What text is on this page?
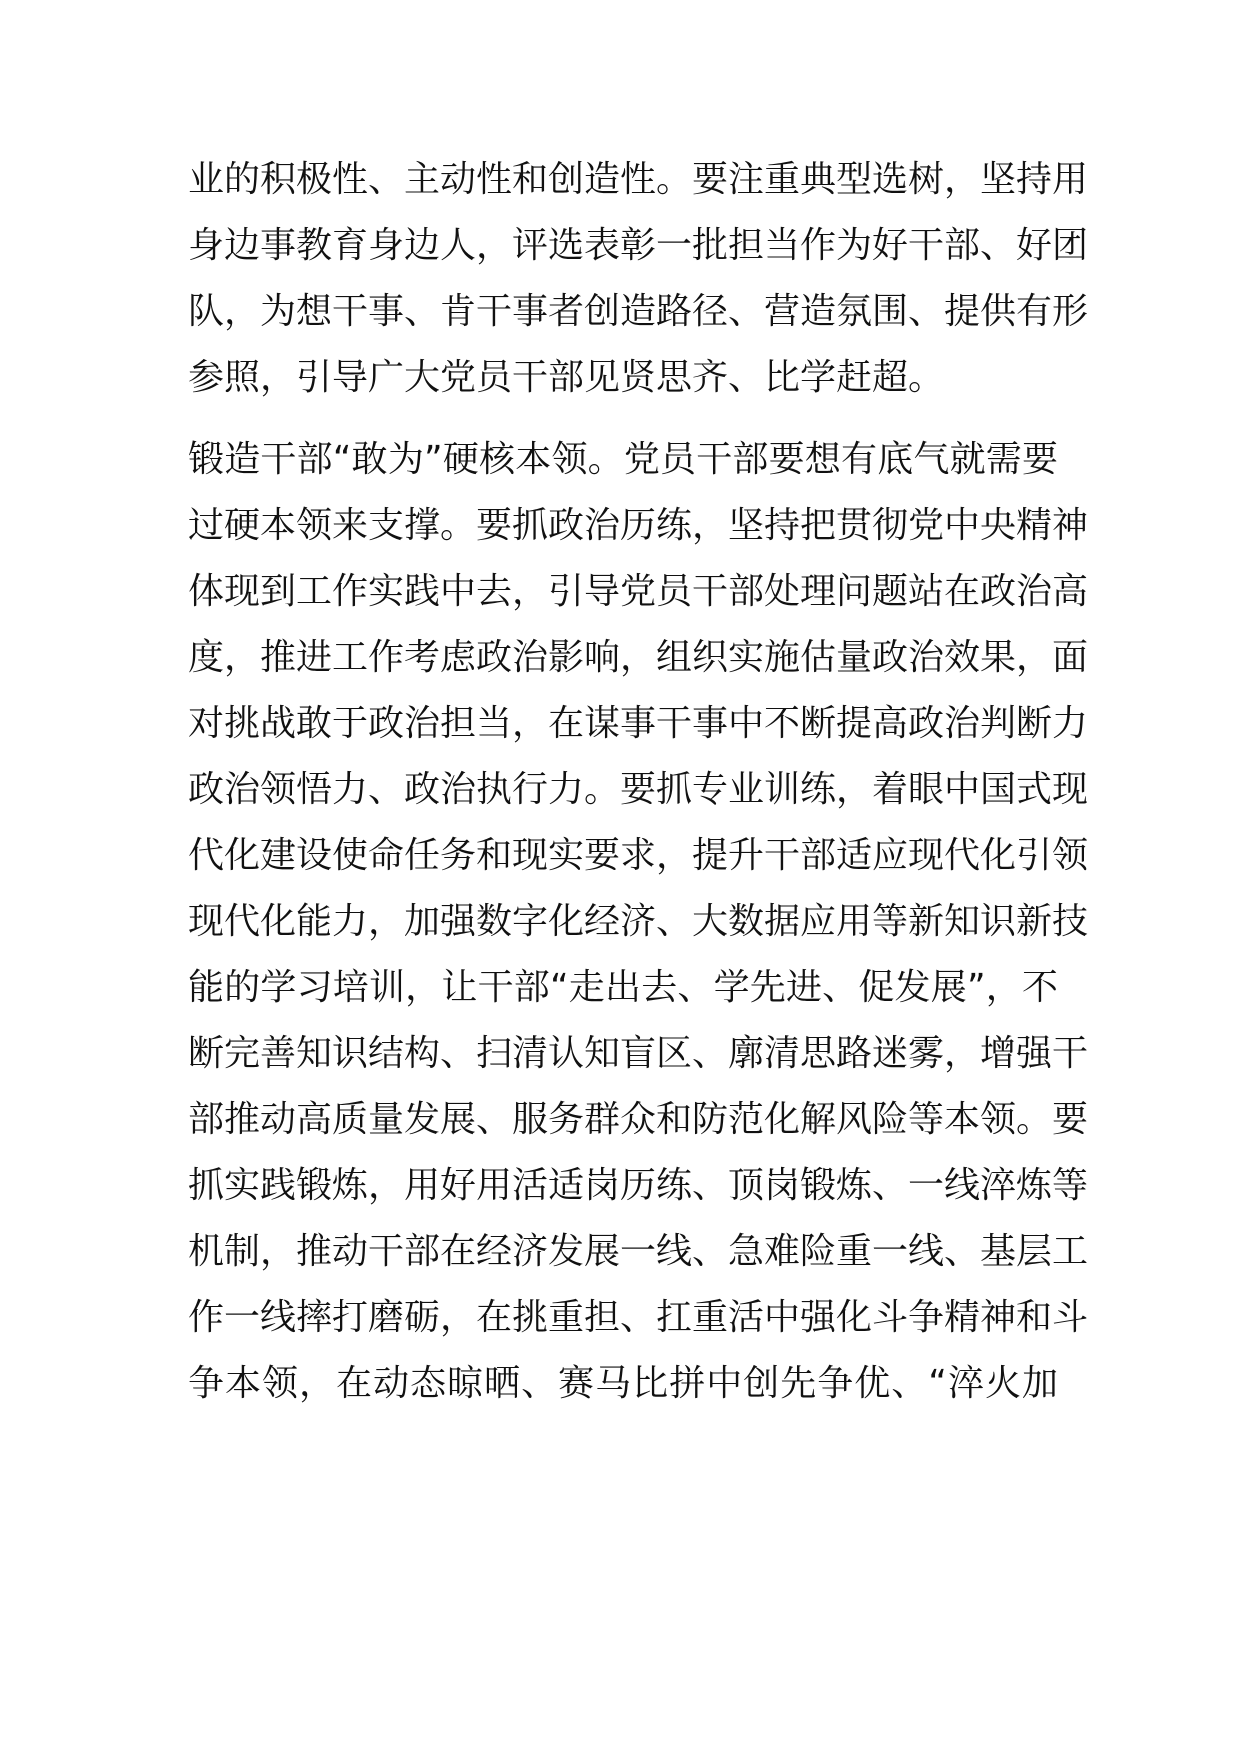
业的积极性、主动性和创造性。要注重典型选树，坚持用

身边事教育身边人，评选表彰一批担当作为好干部、好团

队，为想干事、肯干事者创造路径、营造氛围、提供有形

参照，引导广大党员干部见贤思齐、比学赶超。

锻造干部“敢为”硬核本领。党员干部要想有底气就需要

过硬本领来支撑。要抓政治历练，坚持把贯彻党中央精神

体现到工作实践中去，引导党员干部处理问题站在政治高

度，推进工作考虑政治影响，组织实施估量政治效果，面

对挑战敢于政治担当，在谋事干事中不断提高政治判断力

政治领悟力、政治执行力。要抓专业训练，着眼中国式现

代化建设使命任务和现实要求，提升干部适应现代化引领

现代化能力，加强数字化经济、大数据应用等新知识新技

能的学习培训，让干部“走出去、学先进、促发展”，不

断完善知识结构、扫清认知盲区、廓清思路迷雾，增强干

部推动高质量发展、服务群众和防范化解风险等本领。要

抓实践锻炼，用好用活适岗历练、顶岗锻炼、一线淬炼等

机制，推动干部在经济发展一线、急难险重一线、基层工

作一线摔打磨砺，在挑重担、扛重活中强化斗争精神和斗

争本领，在动态晾晒、赛马比拼中创先争优、“淬火加
